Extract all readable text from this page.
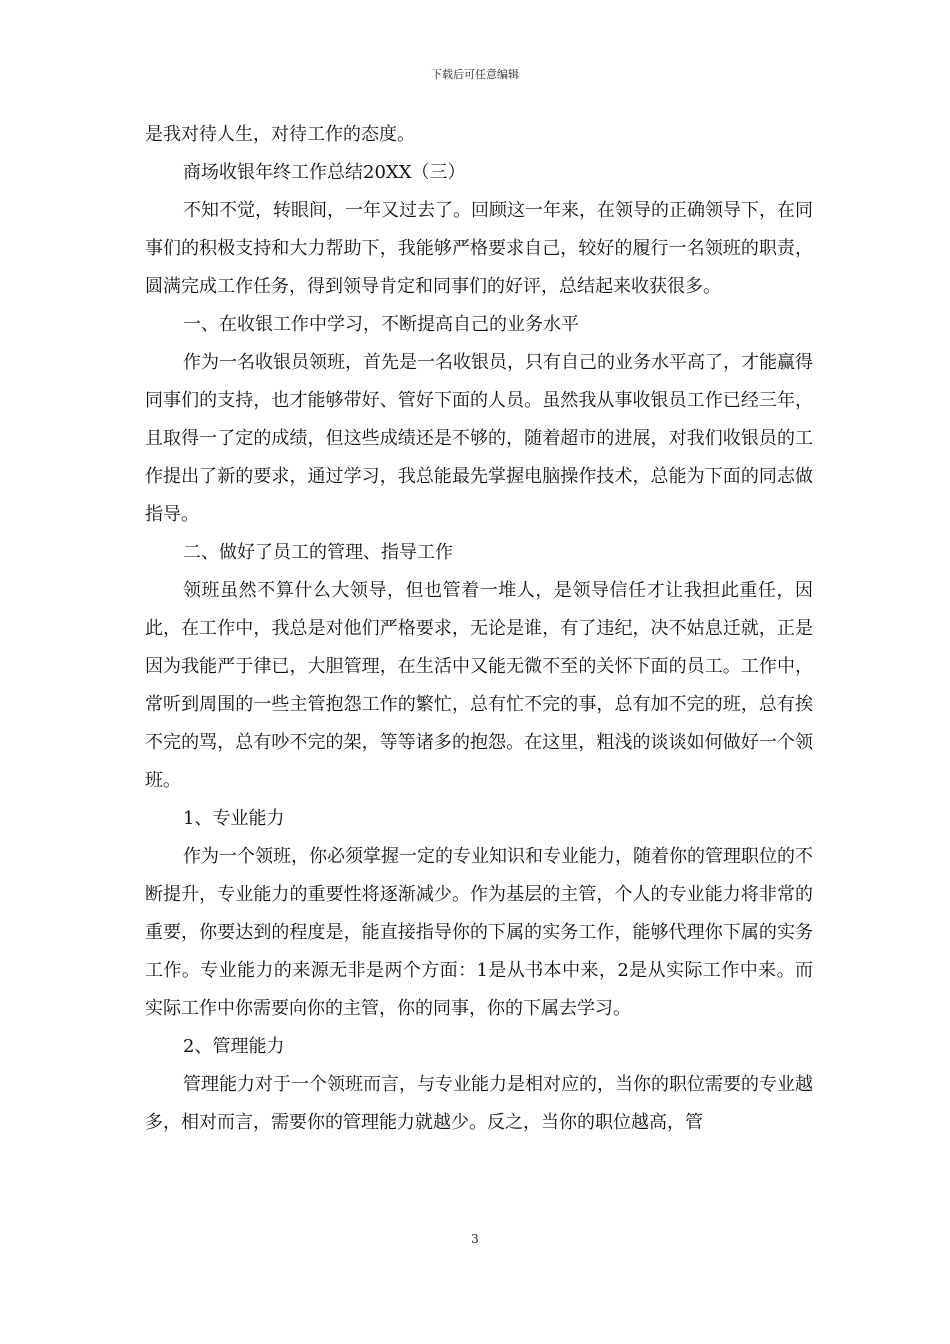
下载后可任意编辑

是我对待人生，对待工作的态度。

商场收银年终工作总结20XX（三）

不知不觉，转眼间，一年又过去了。回顾这一年来，在领导的正确领导下，在同事们的积极支持和大力帮助下，我能够严格要求自己，较好的履行一名领班的职责，圆满完成工作任务，得到领导肯定和同事们的好评，总结起来收获很多。

一、在收银工作中学习，不断提高自己的业务水平

作为一名收银员领班，首先是一名收银员，只有自己的业务水平高了，才能赢得同事们的支持，也才能够带好、管好下面的人员。虽然我从事收银员工作已经三年，且取得一了定的成绩，但这些成绩还是不够的，随着超市的进展，对我们收银员的工作提出了新的要求，通过学习，我总能最先掌握电脑操作技术，总能为下面的同志做指导。

二、做好了员工的管理、指导工作

领班虽然不算什么大领导，但也管着一堆人，是领导信任才让我担此重任，因此，在工作中，我总是对他们严格要求，无论是谁，有了违纪，决不姑息迁就，正是因为我能严于律已，大胆管理，在生活中又能无微不至的关怀下面的员工。工作中，常听到周围的一些主管抱怨工作的繁忙，总有忙不完的事，总有加不完的班，总有挨不完的骂，总有吵不完的架，等等诸多的抱怨。在这里，粗浅的谈谈如何做好一个领班。

1、专业能力

作为一个领班，你必须掌握一定的专业知识和专业能力，随着你的管理职位的不断提升，专业能力的重要性将逐渐减少。作为基层的主管，个人的专业能力将非常的重要，你要达到的程度是，能直接指导你的下属的实务工作，能够代理你下属的实务工作。专业能力的来源无非是两个方面：1是从书本中来，2是从实际工作中来。而实际工作中你需要向你的主管，你的同事，你的下属去学习。

2、管理能力

管理能力对于一个领班而言，与专业能力是相对应的，当你的职位需要的专业越多，相对而言，需要你的管理能力就越少。反之，当你的职位越高，管

3
